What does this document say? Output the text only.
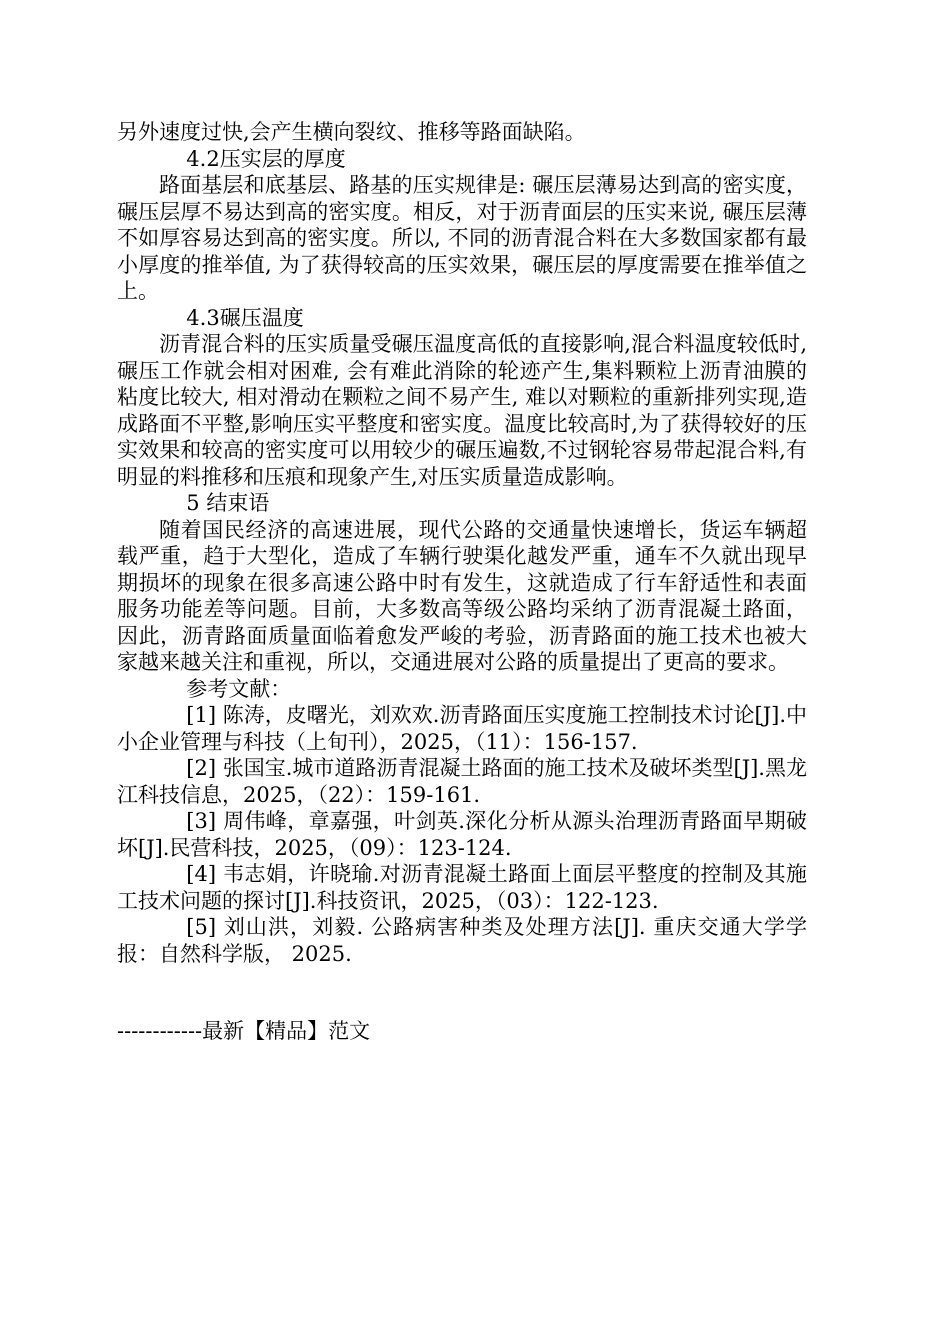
另外速度过快,会产生横向裂纹、推移等路面缺陷。

4.2压实层的厚度

路面基层和底基层、路基的压实规律是: 碾压层薄易达到高的密实度，碾压层厚不易达到高的密实度。相反，对于沥青面层的压实来说, 碾压层薄不如厚容易达到高的密实度。所以, 不同的沥青混合料在大多数国家都有最小厚度的推举值, 为了获得较高的压实效果，碾压层的厚度需要在推举值之上。

4.3碾压温度

沥青混合料的压实质量受碾压温度高低的直接影响,混合料温度较低时,碾压工作就会相对困难, 会有难此消除的轮迹产生,集料颗粒上沥青油膜的粘度比较大, 相对滑动在颗粒之间不易产生, 难以对颗粒的重新排列实现,造成路面不平整,影响压实平整度和密实度。温度比较高时,为了获得较好的压实效果和较高的密实度可以用较少的碾压遍数,不过钢轮容易带起混合料,有明显的料推移和压痕和现象产生,对压实质量造成影响。

5 结束语

随着国民经济的高速进展，现代公路的交通量快速增长，货运车辆超载严重，趋于大型化，造成了车辆行驶渠化越发严重，通车不久就出现早期损坏的现象在很多高速公路中时有发生，这就造成了行车舒适性和表面服务功能差等问题。目前，大多数高等级公路均采纳了沥青混凝土路面，因此，沥青路面质量面临着愈发严峻的考验，沥青路面的施工技术也被大家越来越关注和重视，所以，交通进展对公路的质量提出了更高的要求。

参考文献：

[1] 陈涛，皮曙光，刘欢欢.沥青路面压实度施工控制技术讨论[J].中小企业管理与科技（上旬刊），2025，（11）：156-157.

[2] 张国宝.城市道路沥青混凝土路面的施工技术及破坏类型[J].黑龙江科技信息，2025，（22）：159-161.

[3] 周伟峰，章嘉强，叶剑英.深化分析从源头治理沥青路面早期破坏[J].民营科技，2025，（09）：123-124.

[4] 韦志娟，许晓瑜.对沥青混凝土路面上面层平整度的控制及其施工技术问题的探讨[J].科技资讯，2025，（03）：122-123.

[5] 刘山洪，刘毅. 公路病害种类及处理方法[J]. 重庆交通大学学报：自然科学版， 2025.

------------最新【精品】范文
